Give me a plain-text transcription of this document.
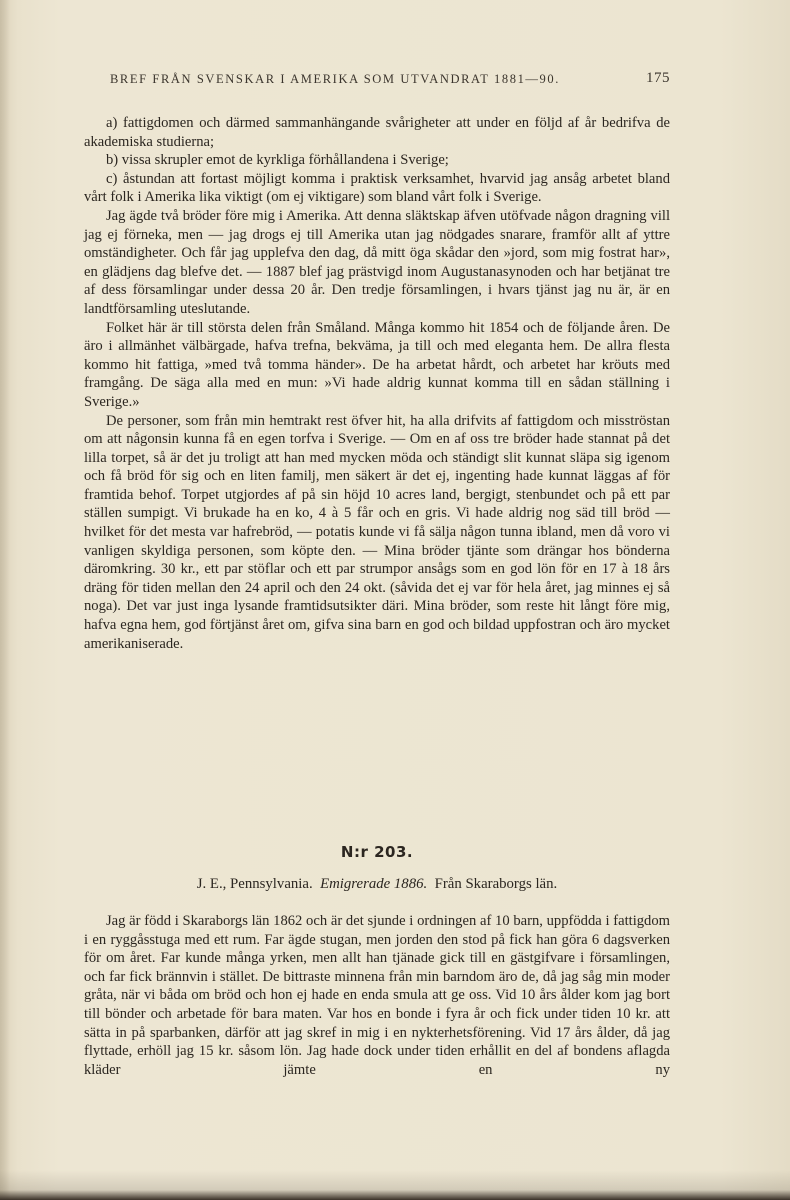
BREF FRÅN SVENSKAR I AMERIKA SOM UTVANDRAT 1881—90.	175

a) fattigdomen och därmed sammanhängande svårigheter att under en följd af år bedrifva de akademiska studierna;

b) vissa skrupler emot de kyrkliga förhållandena i Sverige;

c) åstundan att fortast möjligt komma i praktisk verksamhet, hvarvid jag ansåg arbetet bland vårt folk i Amerika lika viktigt (om ej viktigare) som bland vårt folk i Sverige.

Jag ägde två bröder före mig i Amerika. Att denna släktskap äfven utöfvade någon dragning vill jag ej förneka, men — jag drogs ej till Amerika utan jag nödgades snarare, framför allt af yttre omständigheter. Och får jag upplefva den dag, då mitt öga skådar den »jord, som mig fostrat har», en glädjens dag blefve det. — 1887 blef jag prästvigd inom Augustanasynoden och har betjänat tre af dess församlingar under dessa 20 år. Den tredje församlingen, i hvars tjänst jag nu är, är en landtförsamling uteslutande.

Folket här är till största delen från Småland. Många kommo hit 1854 och de följande åren. De äro i allmänhet välbärgade, hafva trefna, bekväma, ja till och med eleganta hem. De allra flesta kommo hit fattiga, »med två tomma händer». De ha arbetat hårdt, och arbetet har kröuts med framgång. De säga alla med en mun: »Vi hade aldrig kunnat komma till en sådan ställning i Sverige.»

De personer, som från min hemtrakt rest öfver hit, ha alla drifvits af fattigdom och misströstan om att någonsin kunna få en egen torfva i Sverige. — Om en af oss tre bröder hade stannat på det lilla torpet, så är det ju troligt att han med mycken möda och ständigt slit kunnat släpa sig igenom och få bröd för sig och en liten familj, men säkert är det ej, ingenting hade kunnat läggas af för framtida behof. Torpet utgjordes af på sin höjd 10 acres land, bergigt, stenbundet och på ett par ställen sumpigt. Vi brukade ha en ko, 4 à 5 får och en gris. Vi hade aldrig nog säd till bröd — hvilket för det mesta var hafrebröd, — potatis kunde vi få sälja någon tunna ibland, men då voro vi vanligen skyldiga personen, som köpte den. — Mina bröder tjänte som drängar hos bönderna däromkring. 30 kr., ett par stöflar och ett par strumpor ansågs som en god lön för en 17 à 18 års dräng för tiden mellan den 24 april och den 24 okt. (såvida det ej var för hela året, jag minnes ej så noga). Det var just inga lysande framtidsutsikter däri. Mina bröder, som reste hit långt före mig, hafva egna hem, god förtjänst året om, gifva sina barn en god och bildad uppfostran och äro mycket amerikaniserade.

N:r 203.
J. E., Pennsylvania. Emigrerade 1886. Från Skaraborgs län.

Jag är född i Skaraborgs län 1862 och är det sjunde i ordningen af 10 barn, uppfödda i fattigdom i en ryggåsstuga med ett rum. Far ägde stugan, men jorden den stod på fick han göra 6 dagsverken för om året. Far kunde många yrken, men allt han tjänade gick till en gästgifvare i församlingen, och far fick brännvin i stället. De bittraste minnena från min barndom äro de, då jag såg min moder gråta, när vi båda om bröd och hon ej hade en enda smula att ge oss. Vid 10 års ålder kom jag bort till bönder och arbetade för bara maten. Var hos en bonde i fyra år och fick under tiden 10 kr. att sätta in på sparbanken, därför att jag skref in mig i en nykterhetsförening. Vid 17 års ålder, då jag flyttade, erhöll jag 15 kr. såsom lön. Jag hade dock under tiden erhållit en del af bondens aflagda kläder jämte en ny
